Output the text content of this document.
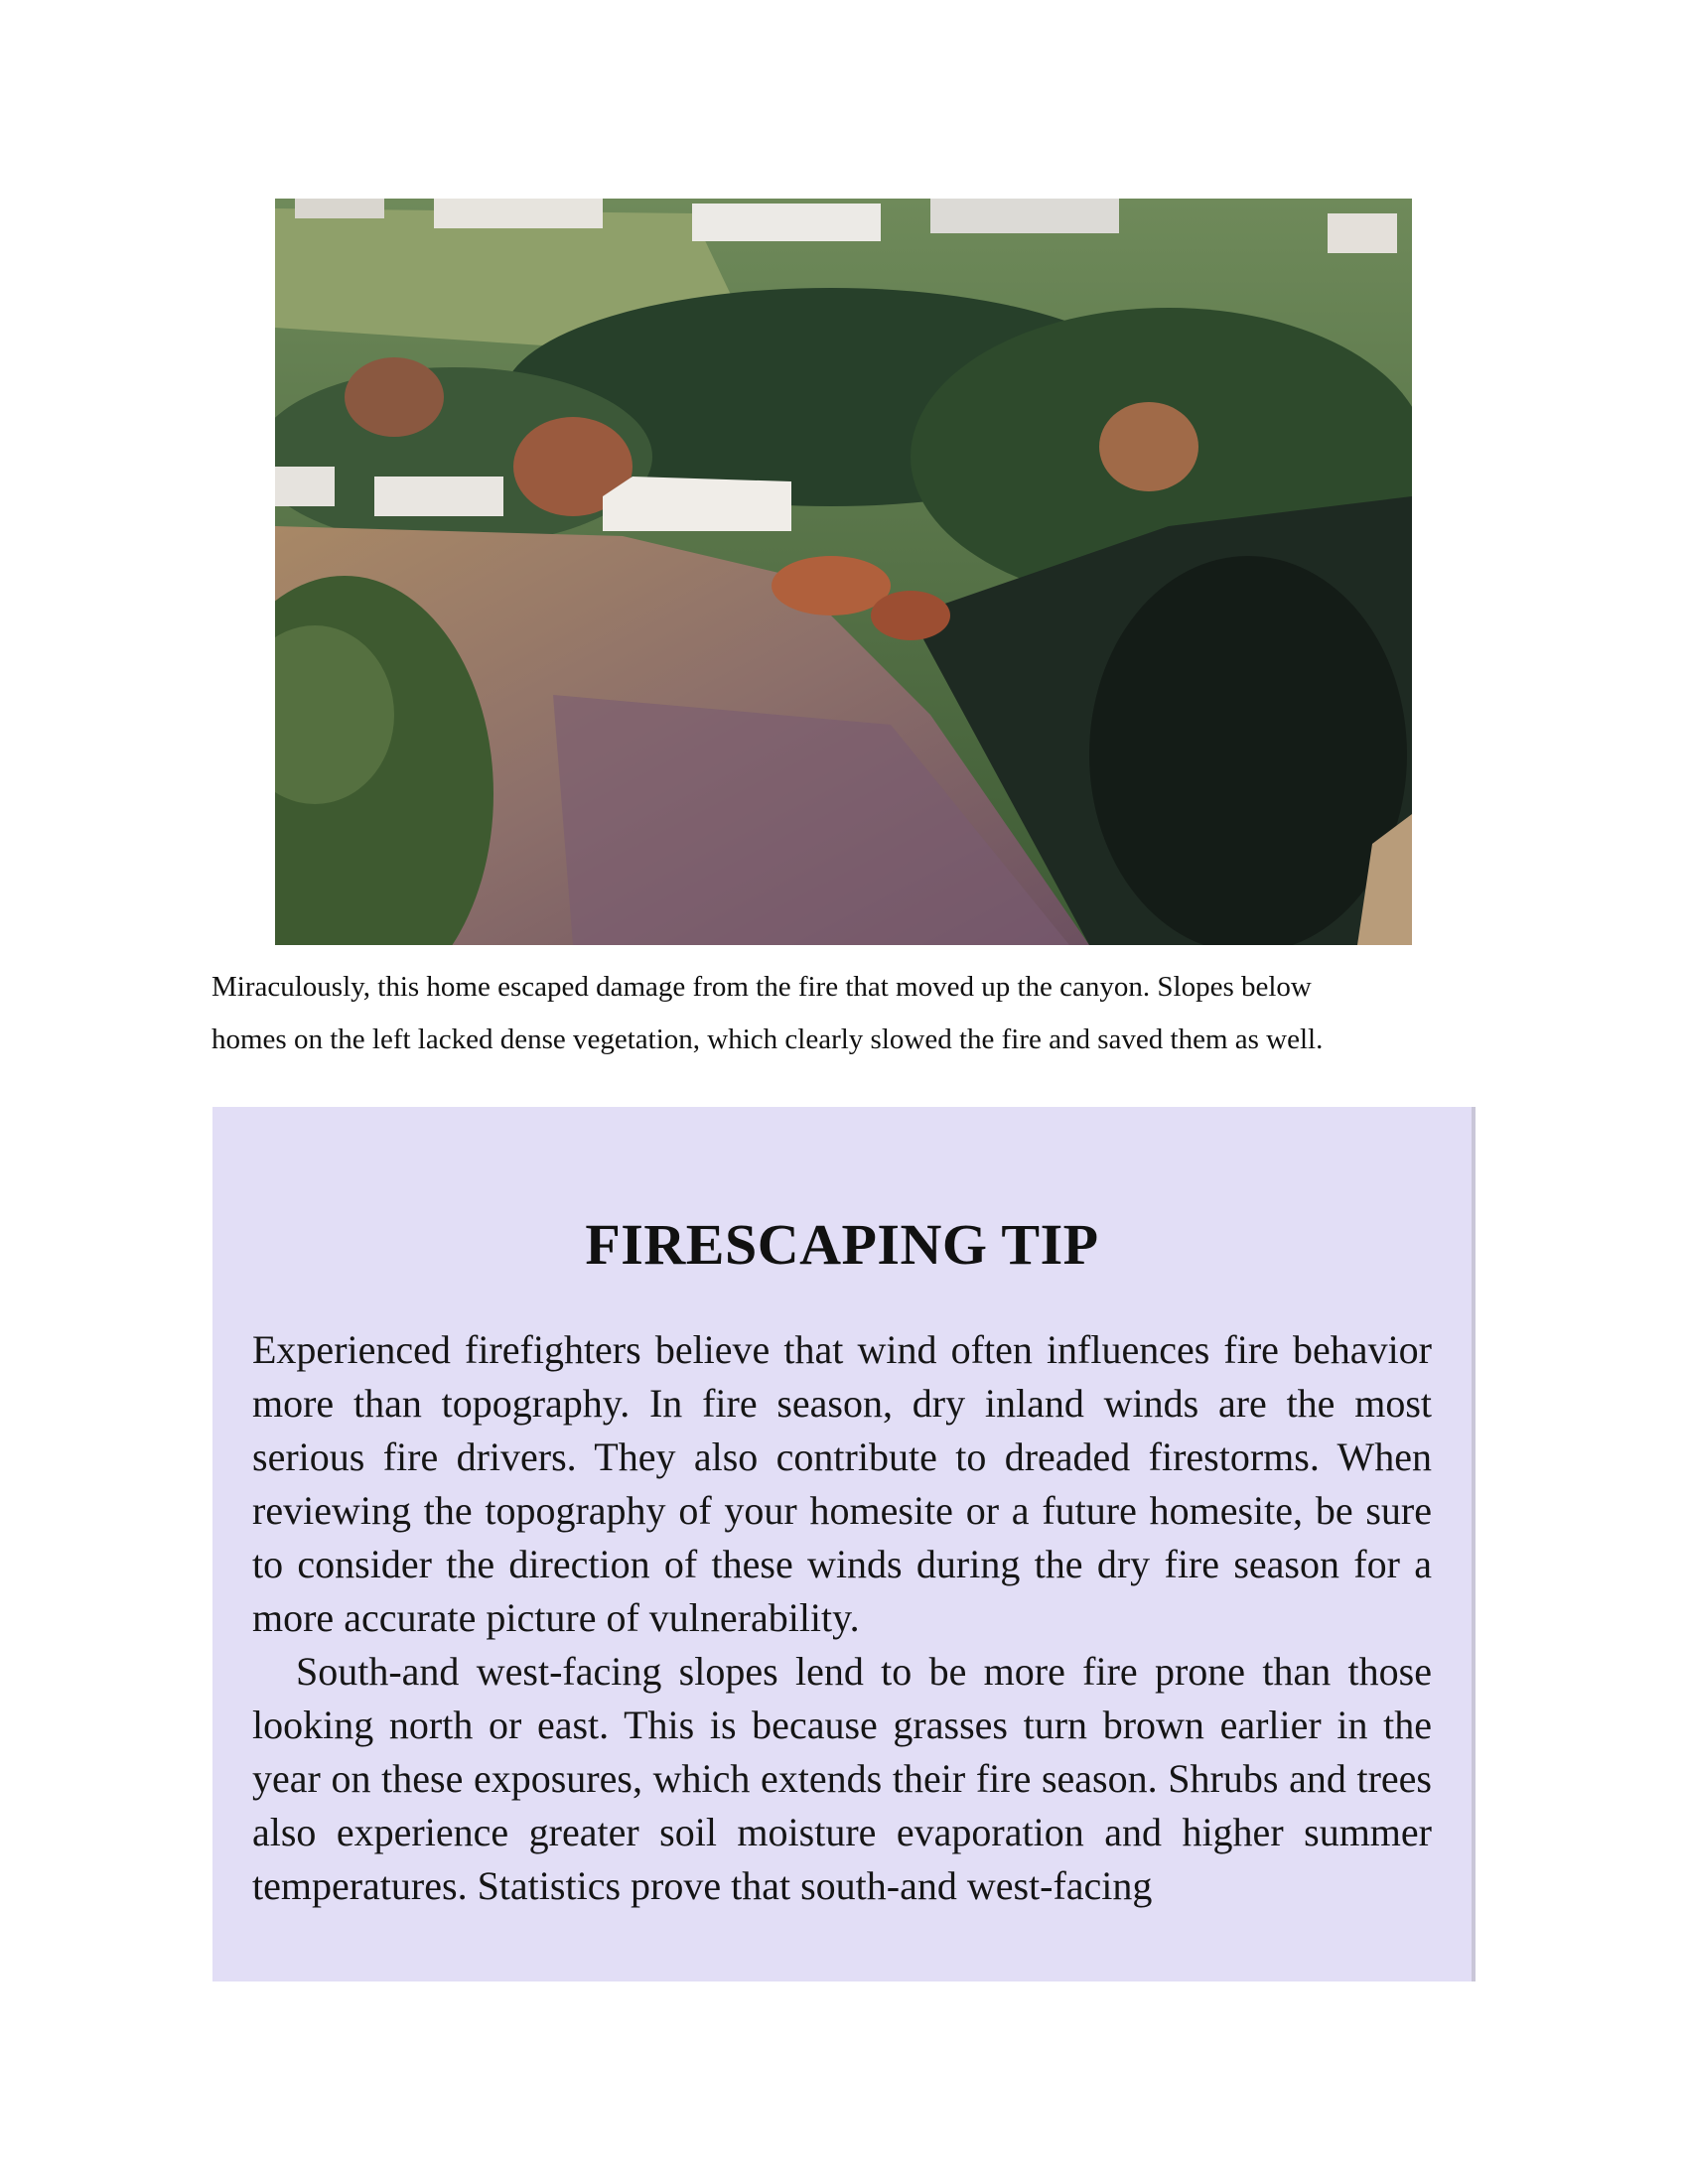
Miraculously, this home escaped damage from the fire that moved up the canyon. Slopes below

homes on the left lacked dense vegetation, which clearly slowed the fire and saved them as well.

FIRESCAPING TIP

Experienced firefighters believe that wind often influences fire behavior more than topography. In fire season, dry inland winds are the most serious fire drivers. They also contribute to dreaded firestorms. When reviewing the topography of your homesite or a future homesite, be sure to consider the direction of these winds during the dry fire season for a more accurate picture of vulnerability.

South-and west-facing slopes lend to be more fire prone than those looking north or east. This is because grasses turn brown earlier in the year on these exposures, which extends their fire season. Shrubs and trees also experience greater soil moisture evaporation and higher summer temperatures. Statistics prove that south-and west-facing
